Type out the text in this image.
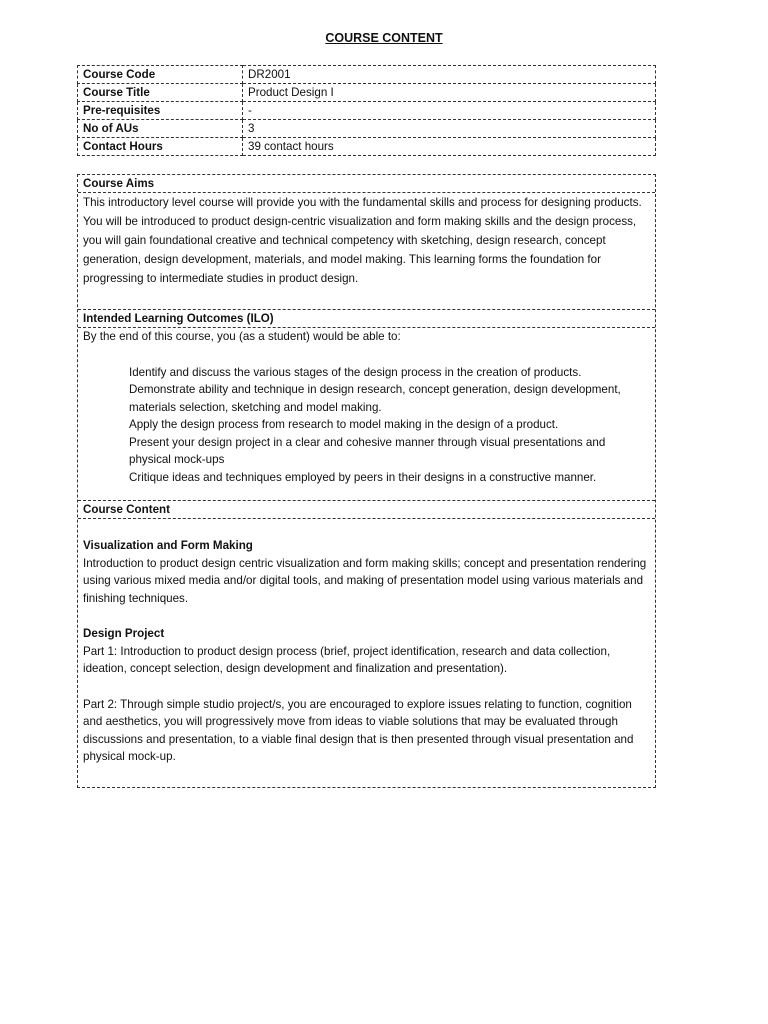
COURSE CONTENT
Course Code	DR2001
Course Title	Product Design I
Pre-requisites	-
No of AUs	3
Contact Hours	39 contact hours
Course Aims

This introductory level course will provide you with the fundamental skills and process for designing products. You will be introduced to product design-centric visualization and form making skills and the design process, you will gain foundational creative and technical competency with sketching, design research, concept generation, design development, materials, and model making. This learning forms the foundation for progressing to intermediate studies in product design.

Intended Learning Outcomes (ILO)

By the end of this course, you (as a student) would be able to:

Identify and discuss the various stages of the design process in the creation of products.
Demonstrate ability and technique in design research, concept generation, design development, materials selection, sketching and model making.
Apply the design process from research to model making in the design of a product.
Present your design project in a clear and cohesive manner through visual presentations and physical mock-ups
Critique ideas and techniques employed by peers in their designs in a constructive manner.
Course Content

Visualization and Form Making

Introduction to product design centric visualization and form making skills; concept and presentation rendering using various mixed media and/or digital tools, and making of presentation model using various materials and finishing techniques.

Design Project

Part 1: Introduction to product design process (brief, project identification, research and data collection, ideation, concept selection, design development and finalization and presentation).

Part 2: Through simple studio project/s, you are encouraged to explore issues relating to function, cognition and aesthetics, you will progressively move from ideas to viable solutions that may be evaluated through discussions and presentation, to a viable final design that is then presented through visual presentation and physical mock-up.
